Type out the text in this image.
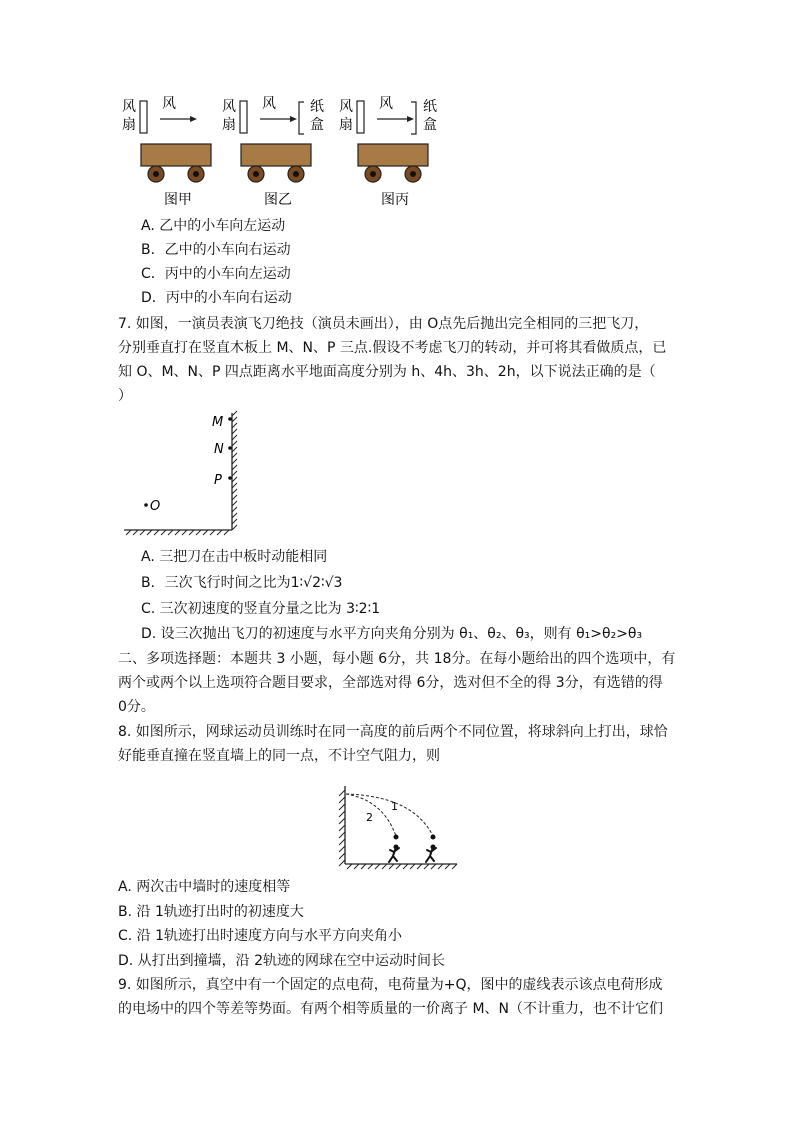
风
扇
风
图甲
风
扇
风 纸
盒
图乙
风
扇
风 纸
盒
图丙
A. 乙中的小车向左运动
B．乙中的小车向右运动
C．丙中的小车向左运动
D．丙中的小车向右运动
7. 如图，一演员表演飞刀绝技（演员未画出），由 O点先后抛出完全相同的三把飞刀，
分别垂直打在竖直木板上 M、N、P 三点.假设不考虑飞刀的转动，并可将其看做质点，已
知 O、M、N、P 四点距离水平地面高度分别为 h、4h、3h、2h，以下说法正确的是（
）
M
N
P
O
A. 三把刀在击中板时动能相同
B．三次飞行时间之比为1∶√2∶√3
C. 三次初速度的竖直分量之比为 3∶2∶1
D. 设三次抛出飞刀的初速度与水平方向夹角分别为 θ₁、θ₂、θ₃，则有 θ₁>θ₂>θ₃
二、多项选择题：本题共 3 小题，每小题 6分，共 18分。在每小题给出的四个选项中，有
两个或两个以上选项符合题目要求，全部选对得 6分，选对但不全的得 3分，有选错的得
0分。
8. 如图所示，网球运动员训练时在同一高度的前后两个不同位置，将球斜向上打出，球恰
好能垂直撞在竖直墙上的同一点，不计空气阻力，则
1
2
A. 两次击中墙时的速度相等
B. 沿 1轨迹打出时的初速度大
C. 沿 1轨迹打出时速度方向与水平方向夹角小
D. 从打出到撞墙，沿 2轨迹的网球在空中运动时间长
9. 如图所示，真空中有一个固定的点电荷，电荷量为+Q，图中的虚线表示该点电荷形成
的电场中的四个等差等势面。有两个相等质量的一价离子 M、N（不计重力，也不计它们
